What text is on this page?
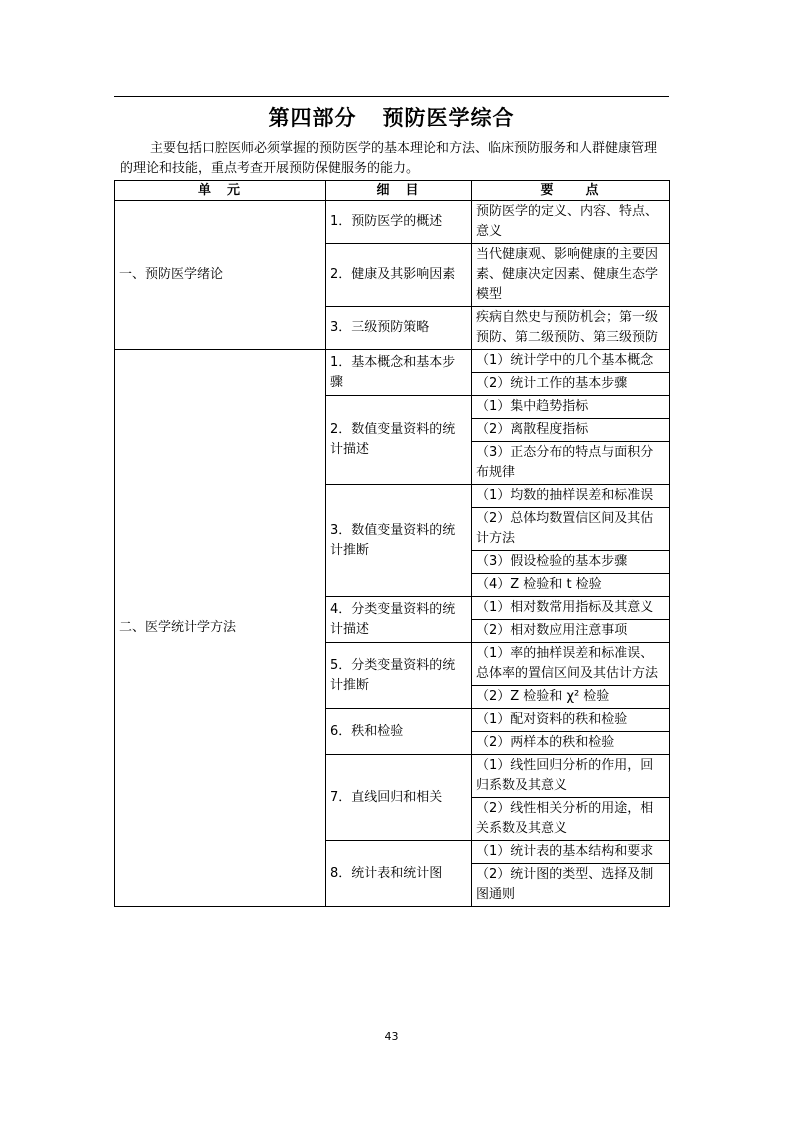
第四部分 预防医学综合

主要包括口腔医师必须掌握的预防医学的基本理论和方法、临床预防服务和人群健康管理的理论和技能，重点考查开展预防保健服务的能力。

单 元	细 目	要 点
一、预防医学绪论	1．预防医学的概述	预防医学的定义、内容、特点、意义
	2．健康及其影响因素	当代健康观、影响健康的主要因素、健康决定因素、健康生态学模型
	3．三级预防策略	疾病自然史与预防机会；第一级预防、第二级预防、第三级预防
二、医学统计学方法	1．基本概念和基本步骤	（1）统计学中的几个基本概念
		（2）统计工作的基本步骤
	2．数值变量资料的统计描述	（1）集中趋势指标
		（2）离散程度指标
		（3）正态分布的特点与面积分布规律
	3．数值变量资料的统计推断	（1）均数的抽样误差和标准误
		（2）总体均数置信区间及其估计方法
		（3）假设检验的基本步骤
		（4）Z 检验和 t 检验
	4．分类变量资料的统计描述	（1）相对数常用指标及其意义
		（2）相对数应用注意事项
	5．分类变量资料的统计推断	（1）率的抽样误差和标准误、总体率的置信区间及其估计方法
		（2）Z 检验和 χ² 检验
	6．秩和检验	（1）配对资料的秩和检验
		（2）两样本的秩和检验
	7．直线回归和相关	（1）线性回归分析的作用，回归系数及其意义
		（2）线性相关分析的用途，相关系数及其意义
	8．统计表和统计图	（1）统计表的基本结构和要求
		（2）统计图的类型、选择及制图通则
43
